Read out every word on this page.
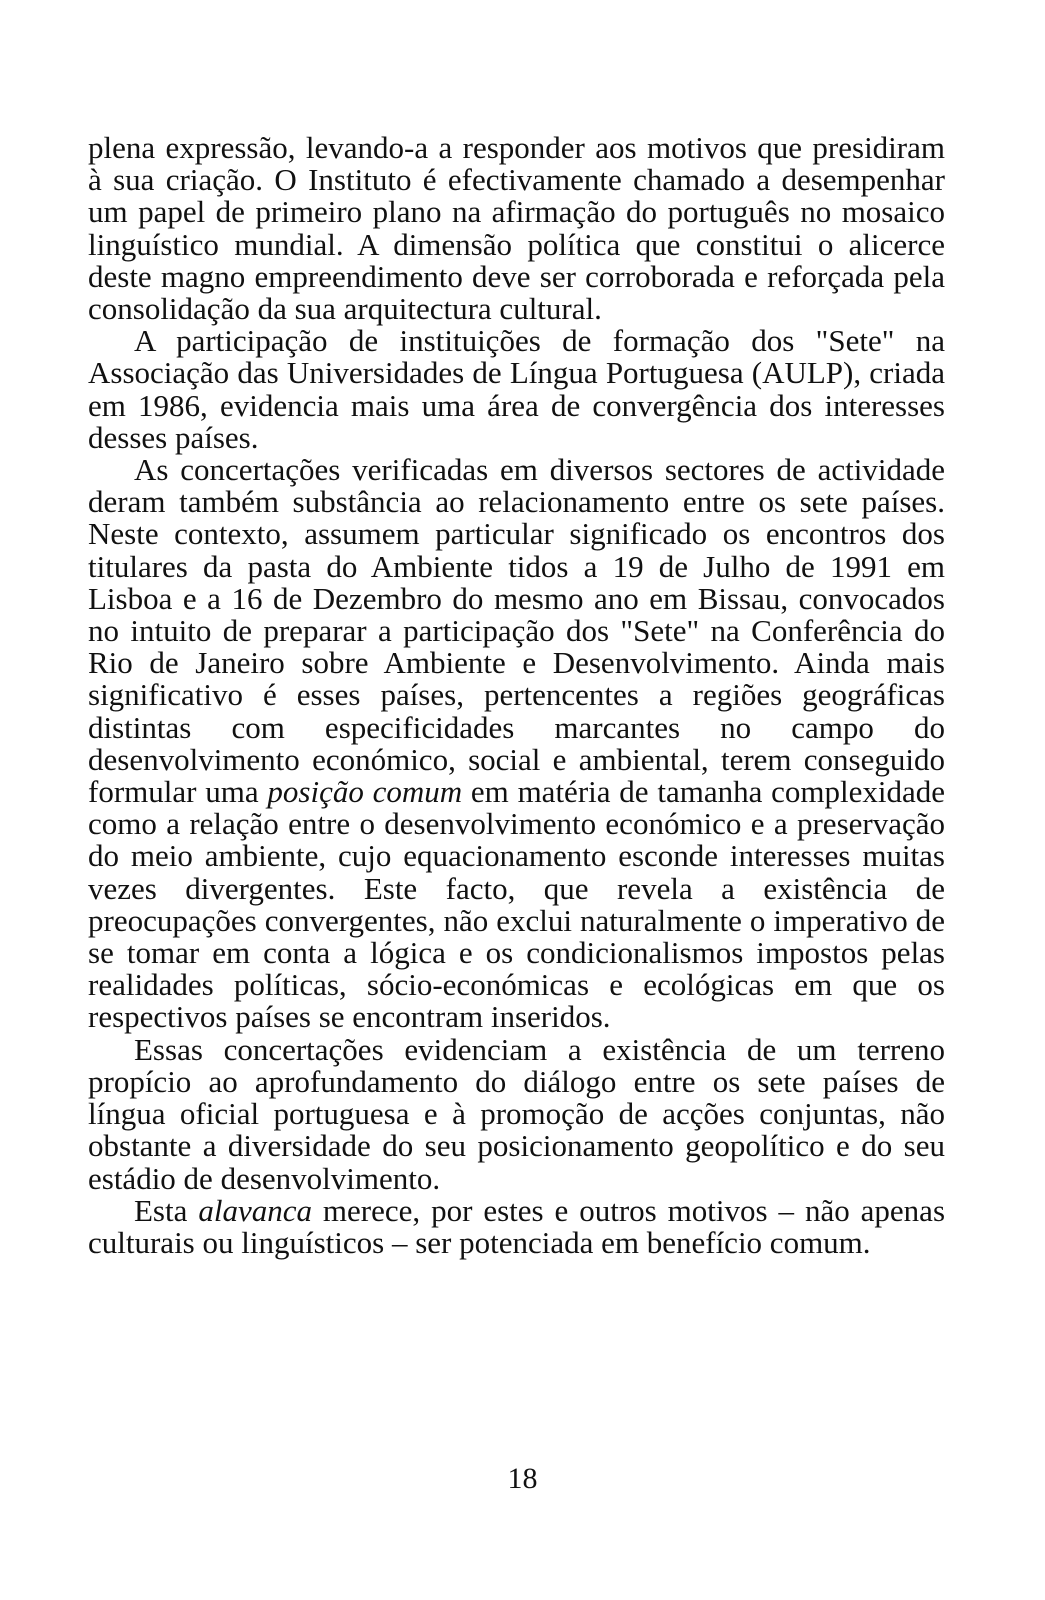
plena expressão, levando-a a responder aos motivos que presidiram à sua criação. O Instituto é efectivamente chamado a desempenhar um papel de primeiro plano na afirmação do português no mosaico linguístico mundial. A dimensão política que constitui o alicerce deste magno empreendimento deve ser corroborada e reforçada pela consolidação da sua arquitectura cultural.

A participação de instituições de formação dos "Sete" na Associação das Universidades de Língua Portuguesa (AULP), criada em 1986, evidencia mais uma área de convergência dos interesses desses países.

As concertações verificadas em diversos sectores de actividade deram também substância ao relacionamento entre os sete países. Neste contexto, assumem particular significado os encontros dos titulares da pasta do Ambiente tidos a 19 de Julho de 1991 em Lisboa e a 16 de Dezembro do mesmo ano em Bissau, convocados no intuito de preparar a participação dos "Sete" na Conferência do Rio de Janeiro sobre Ambiente e Desenvolvimento. Ainda mais significativo é esses países, pertencentes a regiões geográficas distintas com especificidades marcantes no campo do desenvolvimento económico, social e ambiental, terem conseguido formular uma posição comum em matéria de tamanha complexidade como a relação entre o desenvolvimento económico e a preservação do meio ambiente, cujo equacionamento esconde interesses muitas vezes divergentes. Este facto, que revela a existência de preocupações convergentes, não exclui naturalmente o imperativo de se tomar em conta a lógica e os condicionalismos impostos pelas realidades políticas, sócio-económicas e ecológicas em que os respectivos países se encontram inseridos.

Essas concertações evidenciam a existência de um terreno propício ao aprofundamento do diálogo entre os sete países de língua oficial portuguesa e à promoção de acções conjuntas, não obstante a diversidade do seu posicionamento geopolítico e do seu estádio de desenvolvimento.

Esta alavanca merece, por estes e outros motivos – não apenas culturais ou linguísticos – ser potenciada em benefício comum.

18
